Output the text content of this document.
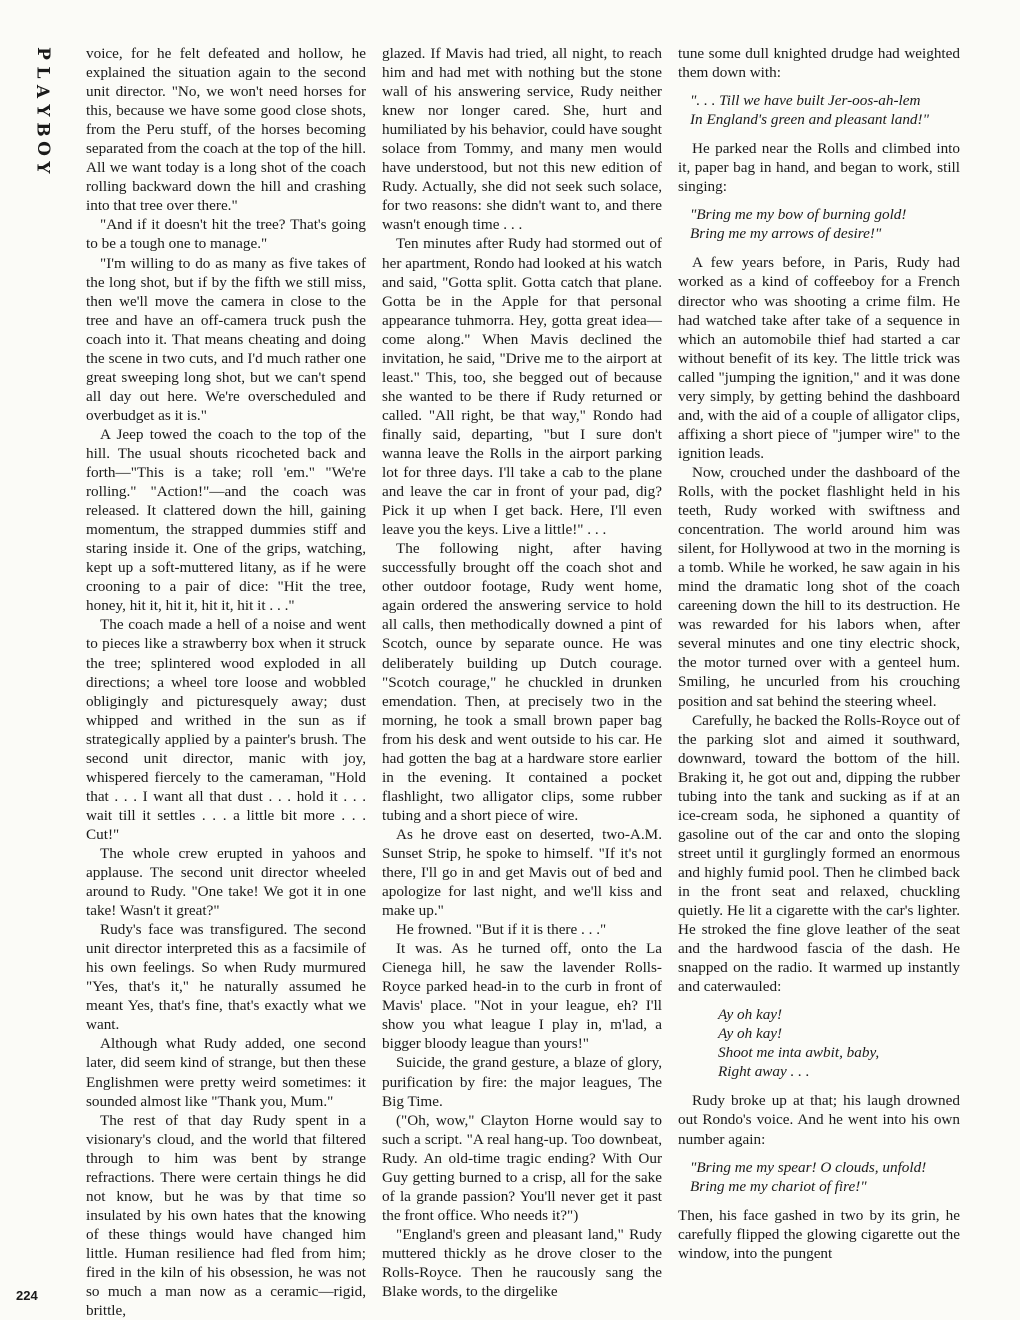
P
L
A
Y
B
O
Y
224

voice, for he felt defeated and hollow, he explained the situation again to the second unit director. "No, we won't need horses for this, because we have some good close shots, from the Peru stuff, of the horses becoming separated from the coach at the top of the hill. All we want today is a long shot of the coach rolling backward down the hill and crashing into that tree over there."

"And if it doesn't hit the tree? That's going to be a tough one to manage."

"I'm willing to do as many as five takes of the long shot, but if by the fifth we still miss, then we'll move the camera in close to the tree and have an off-camera truck push the coach into it. That means cheating and doing the scene in two cuts, and I'd much rather one great sweeping long shot, but we can't spend all day out here. We're overscheduled and overbudget as it is."

A Jeep towed the coach to the top of the hill. The usual shouts ricocheted back and forth—"This is a take; roll 'em." "We're rolling." "Action!"—and the coach was released. It clattered down the hill, gaining momentum, the strapped dummies stiff and staring inside it. One of the grips, watching, kept up a soft-muttered litany, as if he were crooning to a pair of dice: "Hit the tree, honey, hit it, hit it, hit it, hit it . . ."

The coach made a hell of a noise and went to pieces like a strawberry box when it struck the tree; splintered wood exploded in all directions; a wheel tore loose and wobbled obligingly and picturesquely away; dust whipped and writhed in the sun as if strategically applied by a painter's brush. The second unit director, manic with joy, whispered fiercely to the cameraman, "Hold that . . . I want all that dust . . . hold it . . . wait till it settles . . . a little bit more . . . Cut!"

The whole crew erupted in yahoos and applause. The second unit director wheeled around to Rudy. "One take! We got it in one take! Wasn't it great?"

Rudy's face was transfigured. The second unit director interpreted this as a facsimile of his own feelings. So when Rudy murmured "Yes, that's it," he naturally assumed he meant Yes, that's fine, that's exactly what we want.

Although what Rudy added, one second later, did seem kind of strange, but then these Englishmen were pretty weird sometimes: it sounded almost like "Thank you, Mum."

The rest of that day Rudy spent in a visionary's cloud, and the world that filtered through to him was bent by strange refractions. There were certain things he did not know, but he was by that time so insulated by his own hates that the knowing of these things would have changed him little. Human resilience had fled from him; fired in the kiln of his obsession, he was not so much a man now as a ceramic—rigid, brittle,

glazed. If Mavis had tried, all night, to reach him and had met with nothing but the stone wall of his answering service, Rudy neither knew nor longer cared. She, hurt and humiliated by his behavior, could have sought solace from Tommy, and many men would have understood, but not this new edition of Rudy. Actually, she did not seek such solace, for two reasons: she didn't want to, and there wasn't enough time . . .

Ten minutes after Rudy had stormed out of her apartment, Rondo had looked at his watch and said, "Gotta split. Gotta catch that plane. Gotta be in the Apple for that personal appearance tuhmorra. Hey, gotta great idea—come along." When Mavis declined the invitation, he said, "Drive me to the airport at least." This, too, she begged out of because she wanted to be there if Rudy returned or called. "All right, be that way," Rondo had finally said, departing, "but I sure don't wanna leave the Rolls in the airport parking lot for three days. I'll take a cab to the plane and leave the car in front of your pad, dig? Pick it up when I get back. Here, I'll even leave you the keys. Live a little!" . . .

The following night, after having successfully brought off the coach shot and other outdoor footage, Rudy went home, again ordered the answering service to hold all calls, then methodically downed a pint of Scotch, ounce by separate ounce. He was deliberately building up Dutch courage. "Scotch courage," he chuckled in drunken emendation. Then, at precisely two in the morning, he took a small brown paper bag from his desk and went outside to his car. He had gotten the bag at a hardware store earlier in the evening. It contained a pocket flashlight, two alligator clips, some rubber tubing and a short piece of wire.

As he drove east on deserted, two-A.M. Sunset Strip, he spoke to himself. "If it's not there, I'll go in and get Mavis out of bed and apologize for last night, and we'll kiss and make up."

He frowned. "But if it is there . . ."

It was. As he turned off, onto the La Cienega hill, he saw the lavender Rolls-Royce parked head-in to the curb in front of Mavis' place. "Not in your league, eh? I'll show you what league I play in, m'lad, a bigger bloody league than yours!"

Suicide, the grand gesture, a blaze of glory, purification by fire: the major leagues, The Big Time.

("Oh, wow," Clayton Horne would say to such a script. "A real hang-up. Too downbeat, Rudy. An old-time tragic ending? With Our Guy getting burned to a crisp, all for the sake of la grande passion? You'll never get it past the front office. Who needs it?")

"England's green and pleasant land," Rudy muttered thickly as he drove closer to the Rolls-Royce. Then he raucously sang the Blake words, to the dirgelike

tune some dull knighted drudge had weighted them down with:

". . . Till we have built Jer-oos-ah-lem
In England's green and pleasant land!"

He parked near the Rolls and climbed into it, paper bag in hand, and began to work, still singing:

"Bring me my bow of burning gold!
Bring me my arrows of desire!"

A few years before, in Paris, Rudy had worked as a kind of coffeeboy for a French director who was shooting a crime film. He had watched take after take of a sequence in which an automobile thief had started a car without benefit of its key. The little trick was called "jumping the ignition," and it was done very simply, by getting behind the dashboard and, with the aid of a couple of alligator clips, affixing a short piece of "jumper wire" to the ignition leads.

Now, crouched under the dashboard of the Rolls, with the pocket flashlight held in his teeth, Rudy worked with swiftness and concentration. The world around him was silent, for Hollywood at two in the morning is a tomb. While he worked, he saw again in his mind the dramatic long shot of the coach careening down the hill to its destruction. He was rewarded for his labors when, after several minutes and one tiny electric shock, the motor turned over with a genteel hum. Smiling, he uncurled from his crouching position and sat behind the steering wheel.

Carefully, he backed the Rolls-Royce out of the parking slot and aimed it southward, downward, toward the bottom of the hill. Braking it, he got out and, dipping the rubber tubing into the tank and sucking as if at an ice-cream soda, he siphoned a quantity of gasoline out of the car and onto the sloping street until it gurglingly formed an enormous and highly fumid pool. Then he climbed back in the front seat and relaxed, chuckling quietly. He lit a cigarette with the car's lighter. He stroked the fine glove leather of the seat and the hardwood fascia of the dash. He snapped on the radio. It warmed up instantly and caterwauled:

Ay oh kay!
Ay oh kay!
Shoot me inta awbit, baby,
Right away . . .

Rudy broke up at that; his laugh drowned out Rondo's voice. And he went into his own number again:

"Bring me my spear! O clouds, unfold!
Bring me my chariot of fire!"

Then, his face gashed in two by its grin, he carefully flipped the glowing cigarette out the window, into the pungent
